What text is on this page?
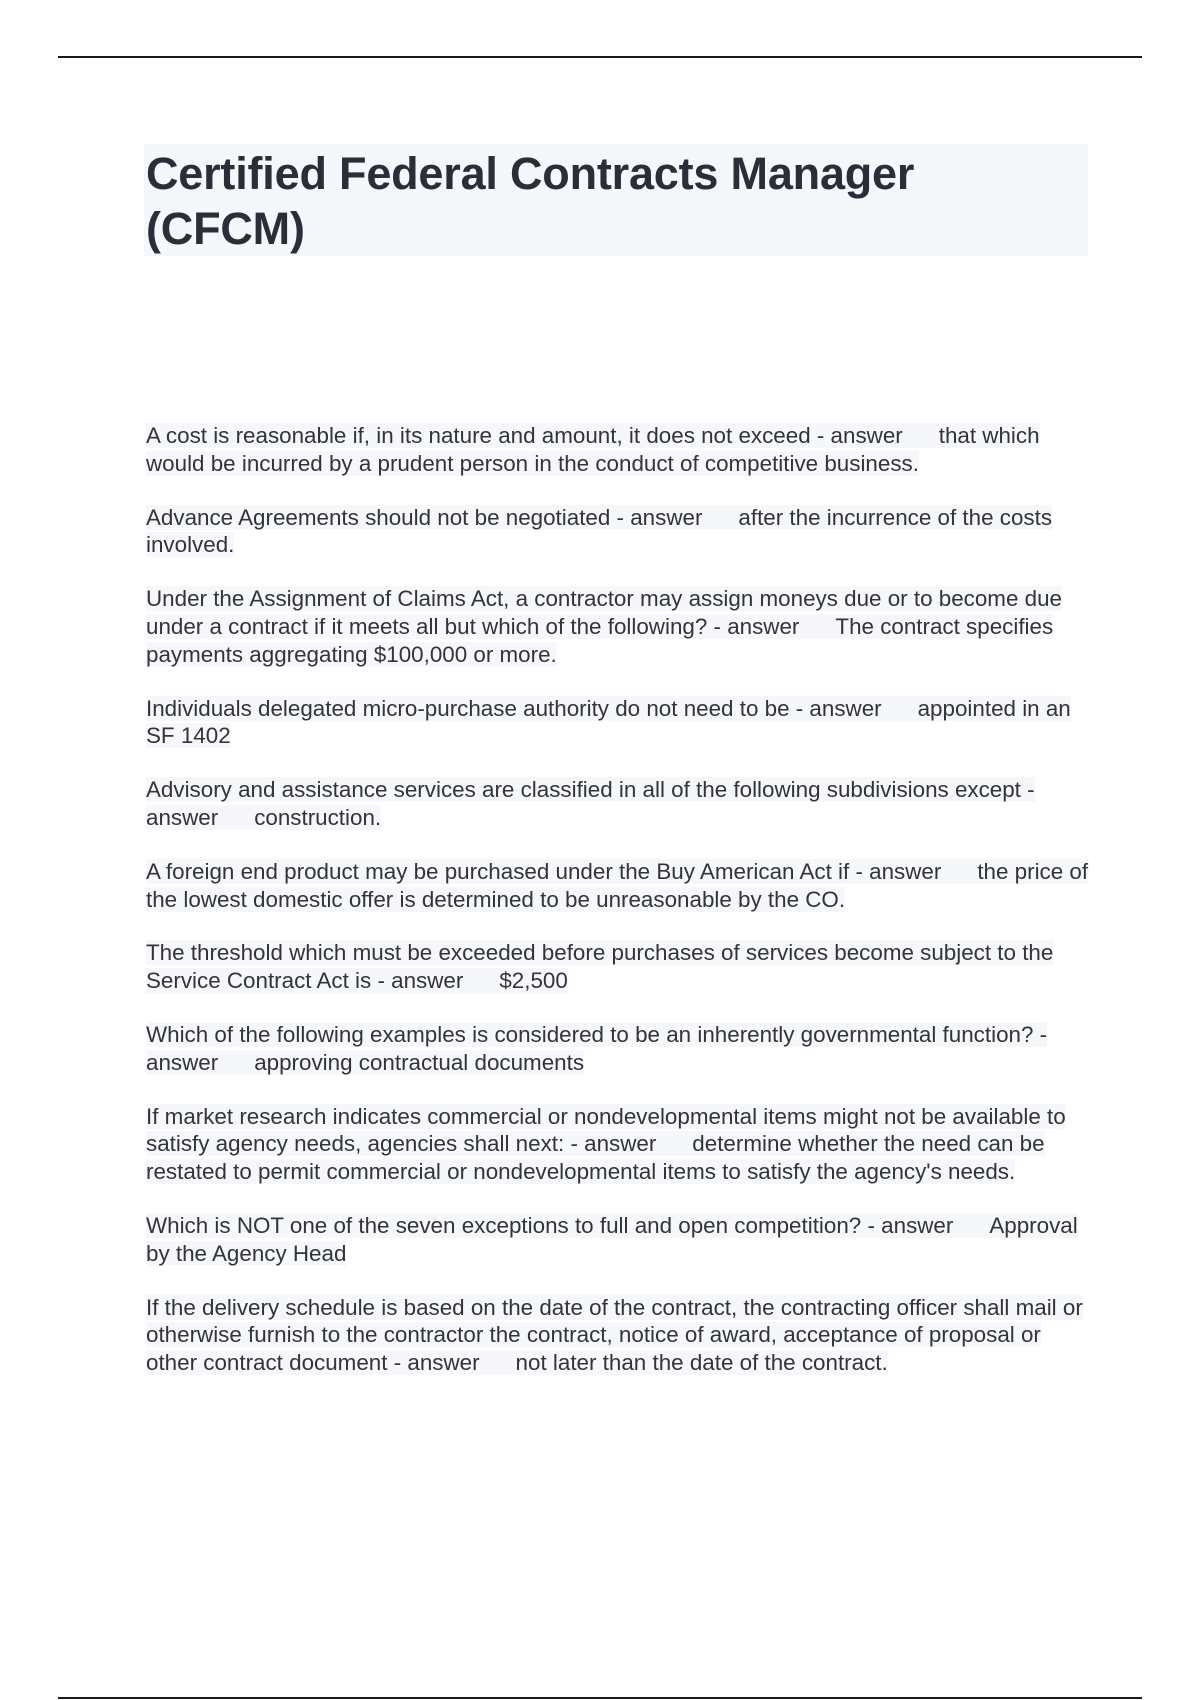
Certified Federal Contracts Manager (CFCM)
A cost is reasonable if, in its nature and amount, it does not exceed - answer that which would be incurred by a prudent person in the conduct of competitive business.
Advance Agreements should not be negotiated - answer after the incurrence of the costs involved.
Under the Assignment of Claims Act, a contractor may assign moneys due or to become due under a contract if it meets all but which of the following? - answer The contract specifies payments aggregating $100,000 or more.
Individuals delegated micro-purchase authority do not need to be - answer appointed in an SF 1402
Advisory and assistance services are classified in all of the following subdivisions except - answer construction.
A foreign end product may be purchased under the Buy American Act if - answer the price of the lowest domestic offer is determined to be unreasonable by the CO.
The threshold which must be exceeded before purchases of services become subject to the Service Contract Act is - answer $2,500
Which of the following examples is considered to be an inherently governmental function? - answer approving contractual documents
If market research indicates commercial or nondevelopmental items might not be available to satisfy agency needs, agencies shall next: - answer determine whether the need can be restated to permit commercial or nondevelopmental items to satisfy the agency's needs.
Which is NOT one of the seven exceptions to full and open competition? - answer Approval by the Agency Head
If the delivery schedule is based on the date of the contract, the contracting officer shall mail or otherwise furnish to the contractor the contract, notice of award, acceptance of proposal or other contract document - answer not later than the date of the contract.
